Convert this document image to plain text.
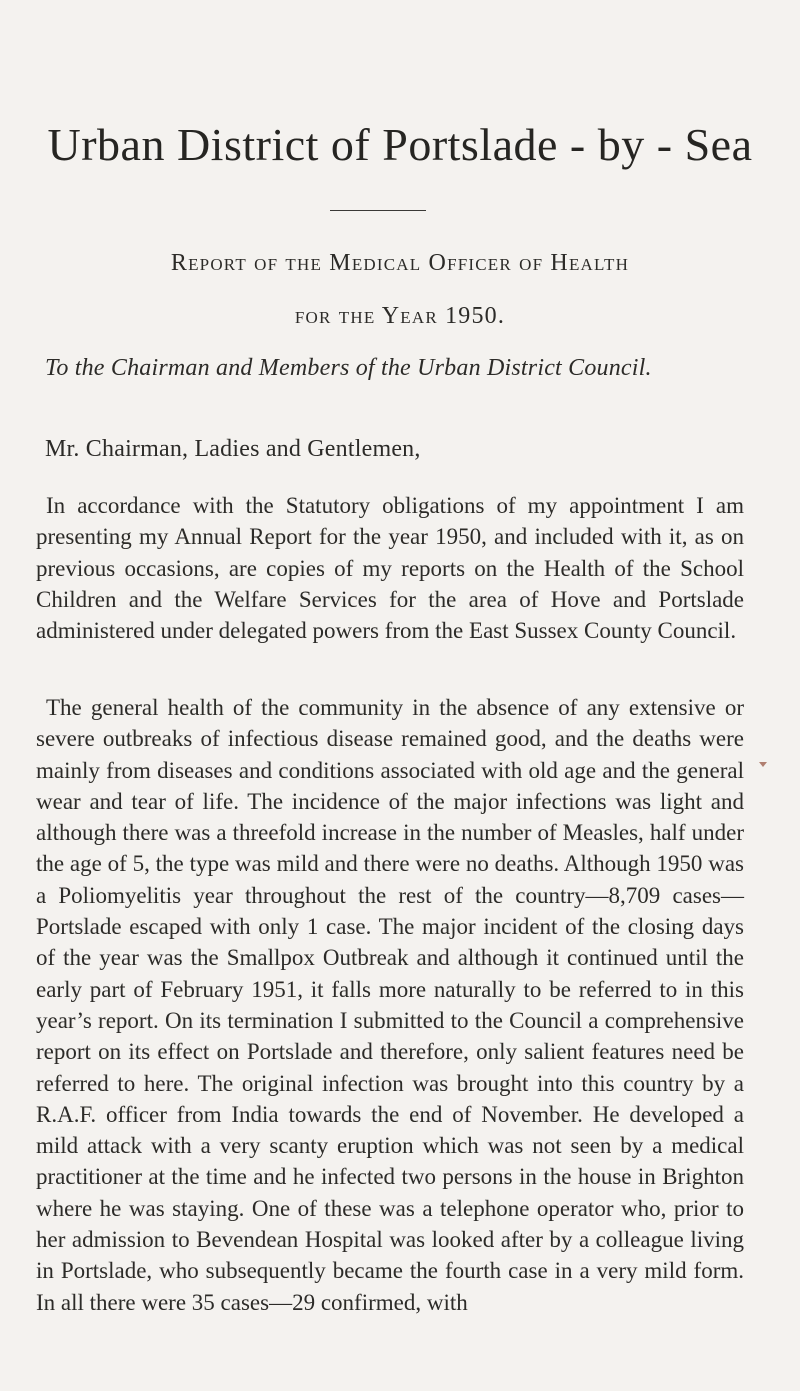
Urban District of Portslade - by - Sea
Report of the Medical Officer of Health
for the Year 1950.

To the Chairman and Members of the Urban District Council.

Mr. Chairman, Ladies and Gentlemen,

In accordance with the Statutory obligations of my appointment I am presenting my Annual Report for the year 1950, and included with it, as on previous occasions, are copies of my reports on the Health of the School Children and the Welfare Services for the area of Hove and Portslade administered under delegated powers from the East Sussex County Council.

The general health of the community in the absence of any extensive or severe outbreaks of infectious disease remained good, and the deaths were mainly from diseases and conditions associated with old age and the general wear and tear of life. The incidence of the major infections was light and although there was a threefold increase in the number of Measles, half under the age of 5, the type was mild and there were no deaths. Although 1950 was a Poliomyelitis year throughout the rest of the country—8,709 cases—Portslade escaped with only 1 case. The major incident of the closing days of the year was the Smallpox Outbreak and although it continued until the early part of February 1951, it falls more naturally to be referred to in this year’s report. On its termination I submitted to the Council a comprehensive report on its effect on Portslade and therefore, only salient features need be referred to here. The original infection was brought into this country by a R.A.F. officer from India towards the end of November. He developed a mild attack with a very scanty eruption which was not seen by a medical practitioner at the time and he infected two persons in the house in Brighton where he was staying. One of these was a telephone operator who, prior to her admission to Bevendean Hospital was looked after by a colleague living in Portslade, who subsequently became the fourth case in a very mild form. In all there were 35 cases—29 confirmed, with
